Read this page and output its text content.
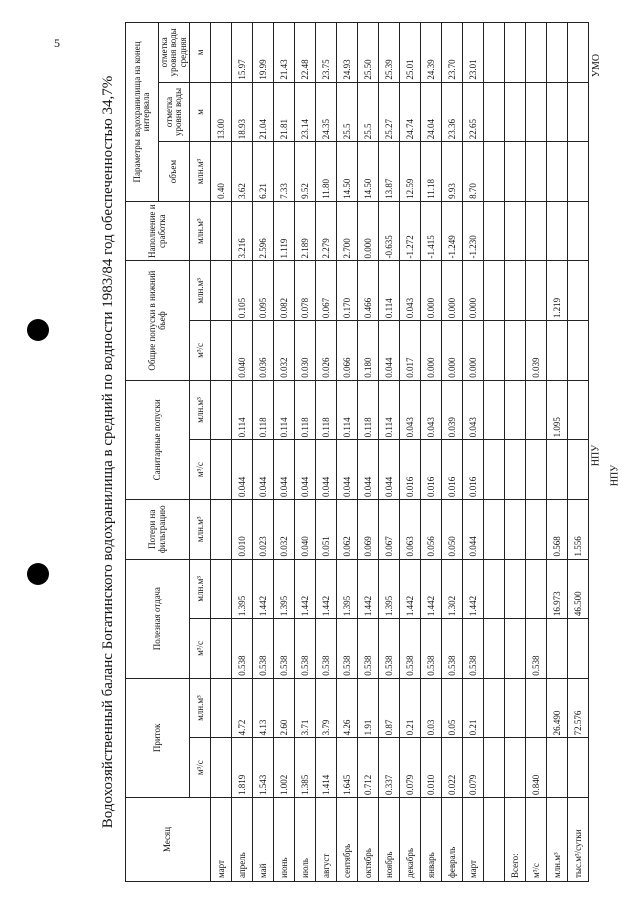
5
УМО
НПУ
НПУ
Водохозяйственный баланс Богатинского водохранилища в средний по водности 1983/84 год обеспеченностью 34,7%
Месяц	Приток		Полезная отдача		Потери на фильтрацию	Санитарные попуски		Общие попуски в нижний бьеф		Наполнение и сработка	Параметры водохранилища на конец интервала		
											объем	отметка уровня воды	отметка уровня воды средняя
	м³/с	млн.м³	м³/с	млн.м³	млн.м³	м³/с	млн.м³	м³/с	млн.м³	млн.м³	млн.м³	м	м
март											0.40	13.00	
апрель	1.819	4.72	0.538	1.395	0.010	0.044	0.114	0.040	0.105	3.216	3.62	18.93	15.97
май	1.543	4.13	0.538	1.442	0.023	0.044	0.118	0.036	0.095	2.596	6.21	21.04	19.99
июнь	1.002	2.60	0.538	1.395	0.032	0.044	0.114	0.032	0.082	1.119	7.33	21.81	21.43
июль	1.385	3.71	0.538	1.442	0.040	0.044	0.118	0.030	0.078	2.189	9.52	23.14	22.48
август	1.414	3.79	0.538	1.442	0.051	0.044	0.118	0.026	0.067	2.279	11.80	24.35	23.75
сентябрь	1.645	4.26	0.538	1.395	0.062	0.044	0.114	0.066	0.170	2.700	14.50	25.5	24.93
октябрь	0.712	1.91	0.538	1.442	0.069	0.044	0.118	0.180	0.466	0.000	14.50	25.5	25.50
ноябрь	0.337	0.87	0.538	1.395	0.067	0.044	0.114	0.044	0.114	-0.635	13.87	25.27	25.39
декабрь	0.079	0.21	0.538	1.442	0.063	0.016	0.043	0.017	0.043	-1.272	12.59	24.74	25.01
январь	0.010	0.03	0.538	1.442	0.056	0.016	0.043	0.000	0.000	-1.415	11.18	24.04	24.39
февраль	0.022	0.05	0.538	1.302	0.050	0.016	0.039	0.000	0.000	-1.249	9.93	23.36	23.70
март	0.079	0.21	0.538	1.442	0.044	0.016	0.043	0.000	0.000	-1.230	8.70	22.65	23.01

Всего:													
м³/с	0.840		0.538					0.039					
млн.м³		26.490		16.973	0.568		1.095		1.219				
тыс.м³/сутки		72.576		46.500	1.556								
